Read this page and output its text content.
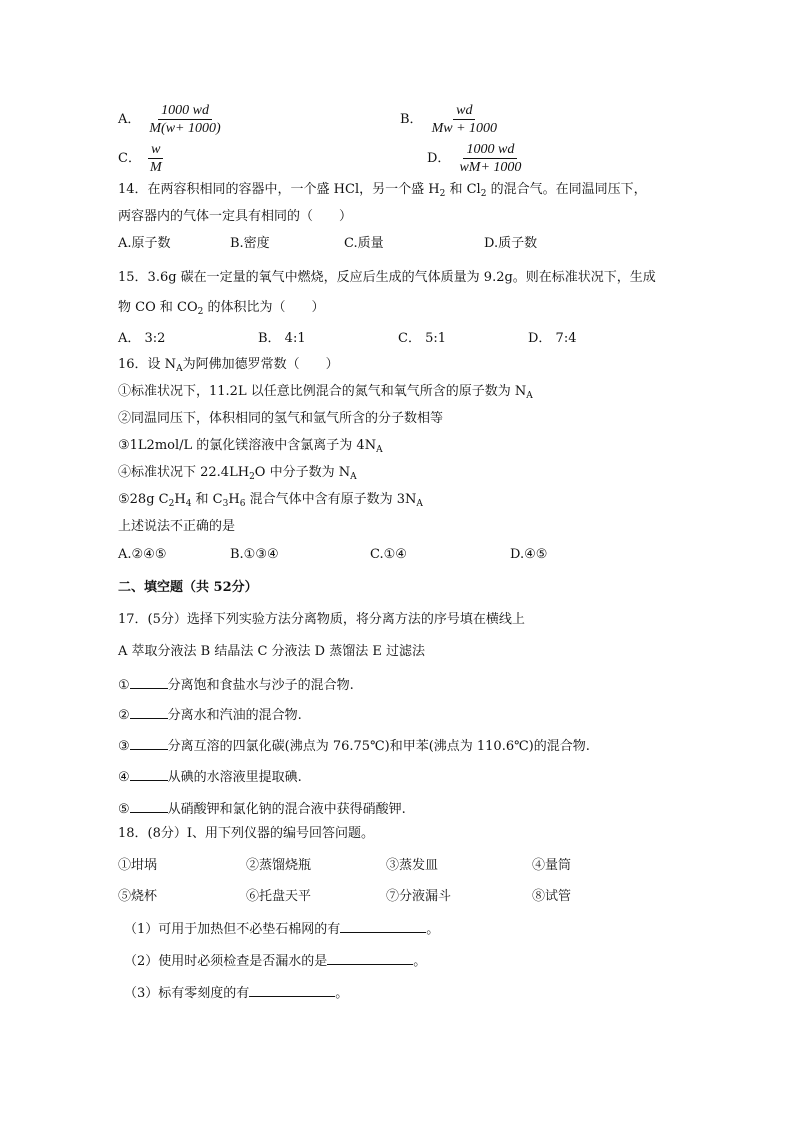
A． $\frac{1000 wd}{M(w+ 1000)}$	B． $\frac{wd}{Mw + 1000}$
C． $\frac{w}{M}$	D． $\frac{1000 wd}{wM+ 1000}$
14．在两容积相同的容器中，一个盛 HCl，另一个盛 $H_2$ 和 $Cl_2$ 的混合气。在同温同压下，
两容器内的气体一定具有相同的（　　）
A.原子数	B.密度	C.质量	D.质子数
15．3.6g 碳在一定量的氧气中燃烧，反应后生成的气体质量为 9.2g。则在标准状况下，生成
物 CO 和 $CO_2$ 的体积比为（　　）
A． 3:2	B． 4:1	C． 5:1	D． 7:4
16．设 $N_A$为阿佛加德罗常数（　　）
①标准状况下，11.2L 以任意比例混合的氮气和氧气所含的原子数为 $N_A$
②同温同压下，体积相同的氢气和氩气所含的分子数相等
③1L2mol/L 的氯化镁溶液中含氯离子为 $4N_A$
④标准状况下 $22.4LH_2O$ 中分子数为 $N_A$
⑤28g $C_2H_4$ 和 $C_3H_6$ 混合气体中含有原子数为 $3N_A$
上述说法不正确的是
A.②④⑤	B.①③④	C.①④	D.④⑤
二、填空题（共 52分）
17．(5分）选择下列实验方法分离物质，将分离方法的序号填在横线上
A 萃取分液法 B 结晶法 C 分液法 D 蒸馏法 E 过滤法
①	分离饱和食盐水与沙子的混合物.
②	分离水和汽油的混合物.
③	分离互溶的四氯化碳(沸点为 76.75℃)和甲苯(沸点为 110.6℃)的混合物.
④	从碘的水溶液里提取碘.
⑤	从硝酸钾和氯化钠的混合液中获得硝酸钾.
18．(8分）I、用下列仪器的编号回答问题。
①坩埚	②蒸馏烧瓶	③蒸发皿	④量筒
⑤烧杯	⑥托盘天平	⑦分液漏斗	⑧试管
（1）可用于加热但不必垫石棉网的有	。
（2）使用时必须检查是否漏水的是	。
（3）标有零刻度的有	。
